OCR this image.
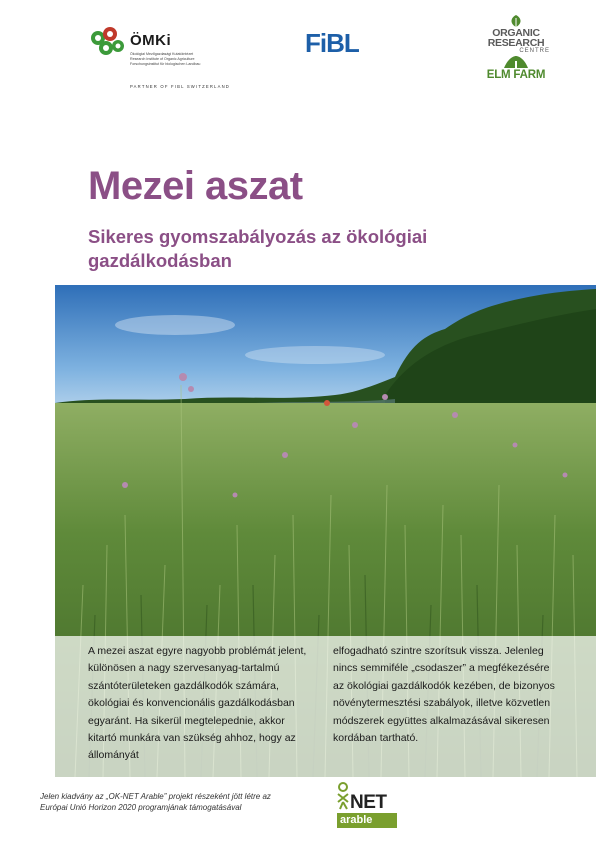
ÖMKi
Ökológiai Mezőgazdasági Kutatóintézet
Research Institute of Organic Agriculture
Forschungsinstitut für biologischen Landbau
PARTNER OF FIBL SWITZERLAND
FiBL	ORGANIC
RESEARCH
CENTRE
ELM FARM
Mezei aszat
Sikeres gyomszabályozás az ökológiai gazdálkodásban

A mezei aszat egyre nagyobb problémát jelent, különösen a nagy szervesanyag-tartalmú szántóterületeken gazdálkodók számára, ökológiai és konvencionális gazdálkodásban egyaránt. Ha sikerül megtelepednie, akkor kitartó munkára van szükség ahhoz, hogy az állományát

elfogadható szintre szorítsuk vissza. Jelenleg nincs semmiféle „csodaszer” a megfékezésére az ökológiai gazdálkodók kezében, de bizonyos növénytermesztési szabályok, illetve közvetlen módszerek együttes alkalmazásával sikeresen kordában tartható.

Jelen kiadvány az „OK-NET Arable” projekt részeként jött létre az
Európai Unió Horizon 2020 programjának támogatásával	NET
arable
